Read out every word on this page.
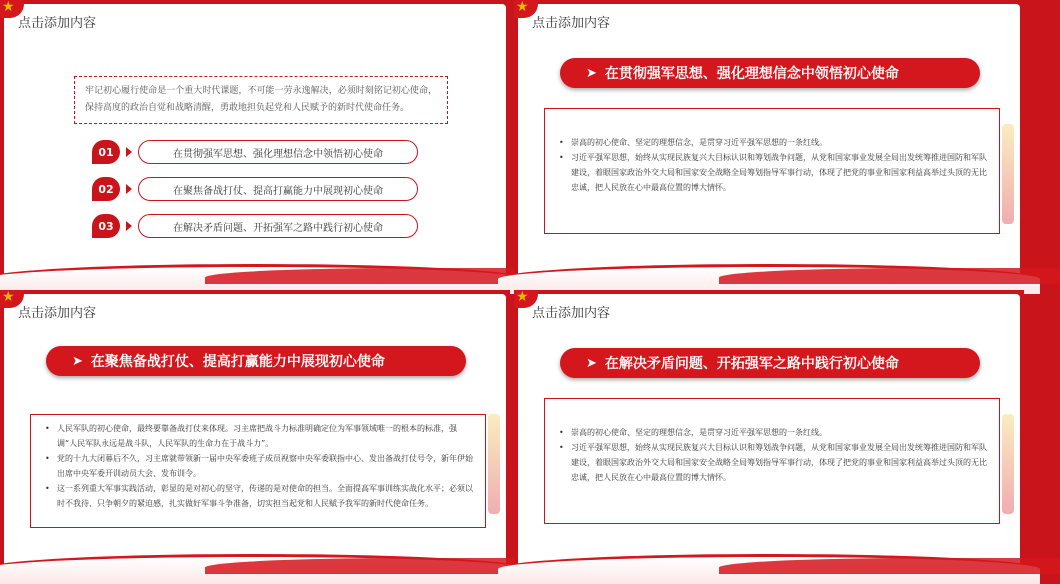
★
点击添加内容
牢记初心履行使命是一个重大时代课题，不可能一劳永逸解决，必须时刻铭记初心使命，保持高度的政治自觉和战略清醒，勇敢地担负起党和人民赋予的新时代使命任务。
01	在贯彻强军思想、强化理想信念中领悟初心使命
02	在聚焦备战打仗、提高打赢能力中展现初心使命
03	在解决矛盾问题、开拓强军之路中践行初心使命
★
点击添加内容
➤ 在贯彻强军思想、强化理想信念中领悟初心使命
• 崇高的初心使命、坚定的理想信念，是贯穿习近平强军思想的一条红线。
• 习近平强军思想，始终从实现民族复兴大目标认识和筹划战争问题，从党和国家事业发展全局出发统筹推进国防和军队建设，着眼国家政治外交大局和国家安全战略全局筹划指导军事行动，体现了把党的事业和国家利益高举过头顶的无比忠诚，把人民放在心中最高位置的博大情怀。
★
点击添加内容
➤ 在聚焦备战打仗、提高打赢能力中展现初心使命
• 人民军队的初心使命，最终要靠备战打仗来体现。习主席把战斗力标准明确定位为军事领域唯一的根本的标准，强调“人民军队永远是战斗队，人民军队的生命力在于战斗力”。
• 党的十九大闭幕后不久，习主席就带领新一届中央军委班子成员视察中央军委联指中心、发出备战打仗号令，新年伊始出席中央军委开训动员大会、发布训令。
• 这一系列重大军事实践活动，彰显的是对初心的坚守，传递的是对使命的担当。全面提高军事训练实战化水平；必须以时不我待、只争朝夕的紧迫感，扎实做好军事斗争准备，切实担当起党和人民赋予我军的新时代使命任务。
★
点击添加内容
➤ 在解决矛盾问题、开拓强军之路中践行初心使命
• 崇高的初心使命、坚定的理想信念，是贯穿习近平强军思想的一条红线。
• 习近平强军思想，始终从实现民族复兴大目标认识和筹划战争问题，从党和国家事业发展全局出发统筹推进国防和军队建设，着眼国家政治外交大局和国家安全战略全局筹划指导军事行动，体现了把党的事业和国家利益高举过头顶的无比忠诚，把人民放在心中最高位置的博大情怀。
